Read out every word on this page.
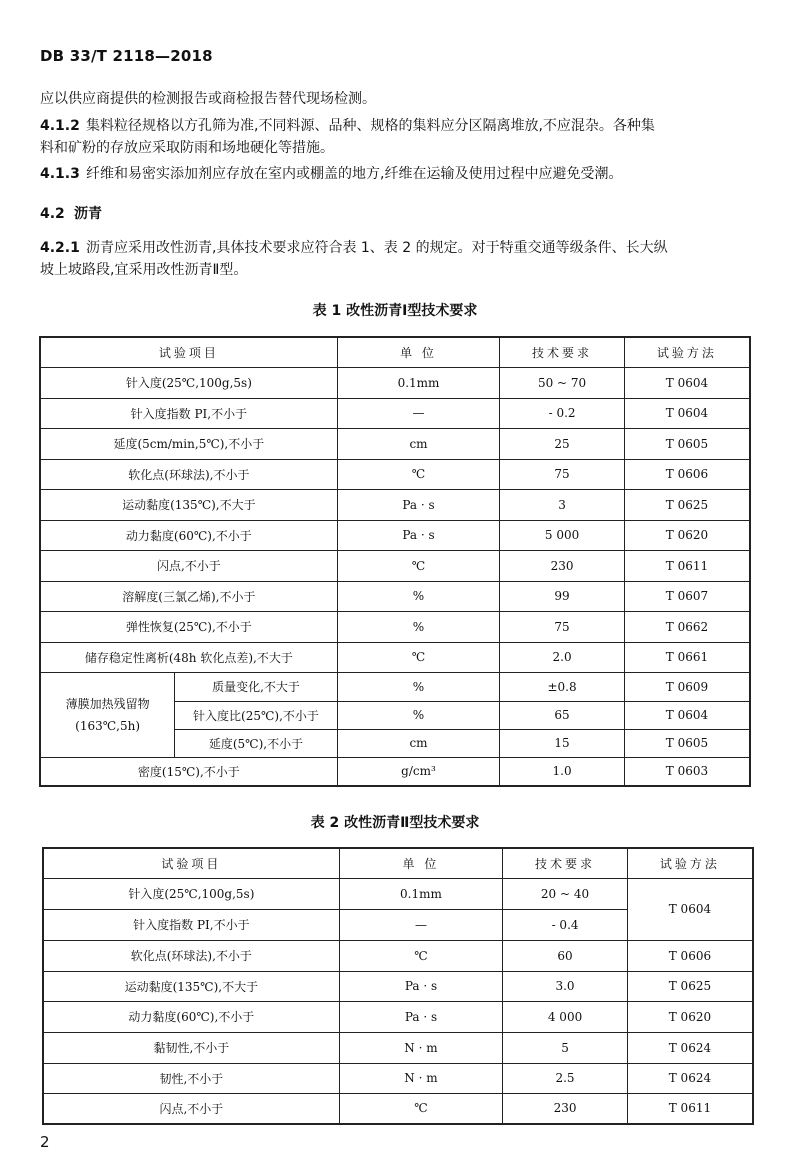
DB 33/T 2118—2018
应以供应商提供的检测报告或商检报告替代现场检测。
4.1.2 集料粒径规格以方孔筛为准,不同料源、品种、规格的集料应分区隔离堆放,不应混杂。各种集
料和矿粉的存放应采取防雨和场地硬化等措施。
4.1.3 纤维和易密实添加剂应存放在室内或棚盖的地方,纤维在运输及使用过程中应避免受潮。
4.2 沥青
4.2.1 沥青应采用改性沥青,具体技术要求应符合表 1、表 2 的规定。对于特重交通等级条件、长大纵
坡上坡路段,宜采用改性沥青Ⅱ型。
表 1 改性沥青Ⅰ型技术要求
试验项目		单 位	技术要求	试验方法
针入度(25℃,100g,5s)		0.1mm	50 ~ 70	T 0604
针入度指数 PI,不小于		—	- 0.2	T 0604
延度(5cm/min,5℃),不小于		cm	25	T 0605
软化点(环球法),不小于		℃	75	T 0606
运动黏度(135℃),不大于		Pa · s	3	T 0625
动力黏度(60℃),不小于		Pa · s	5 000	T 0620
闪点,不小于		℃	230	T 0611
溶解度(三氯乙烯),不小于		%	99	T 0607
弹性恢复(25℃),不小于		%	75	T 0662
储存稳定性离析(48h 软化点差),不大于		℃	2.0	T 0661
薄膜加热残留物
(163℃,5h)	质量变化,不大于	%	±0.8	T 0609
	针入度比(25℃),不小于	%	65	T 0604
	延度(5℃),不小于	cm	15	T 0605
密度(15℃),不小于		g/cm³	1.0	T 0603
表 2 改性沥青Ⅱ型技术要求
试验项目	单 位	技术要求	试验方法
针入度(25℃,100g,5s)	0.1mm	20 ~ 40	T 0604
针入度指数 PI,不小于	—	- 0.4	
软化点(环球法),不小于	℃	60	T 0606
运动黏度(135℃),不大于	Pa · s	3.0	T 0625
动力黏度(60℃),不小于	Pa · s	4 000	T 0620
黏韧性,不小于	N · m	5	T 0624
韧性,不小于	N · m	2.5	T 0624
闪点,不小于	℃	230	T 0611
2
